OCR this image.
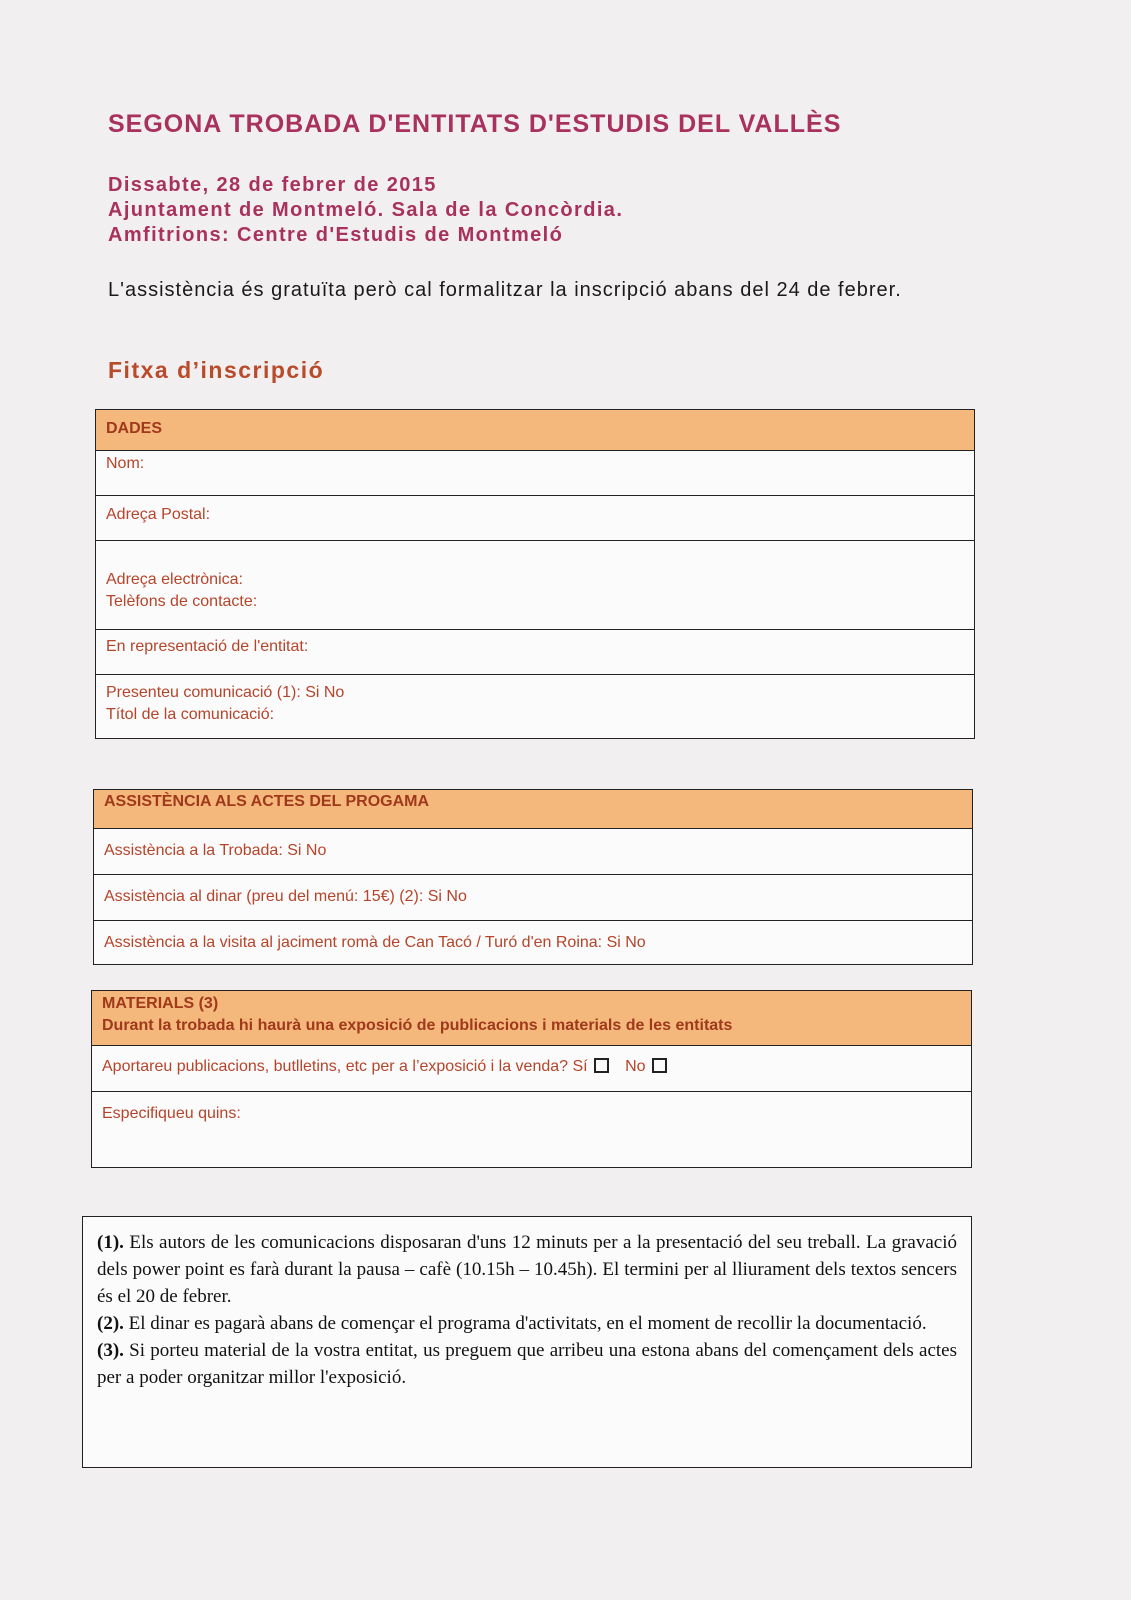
SEGONA TROBADA D'ENTITATS D'ESTUDIS DEL VALLÈS
Dissabte, 28 de febrer de 2015
Ajuntament de Montmeló. Sala de la Concòrdia.
Amfitrions: Centre d'Estudis de Montmeló
L'assistència és gratuïta però cal formalitzar la inscripció abans del 24 de febrer.
Fitxa d’inscripció
DADES
Nom:
Adreça Postal:
Adreça electrònica:
Telèfons de contacte:
En representació de l'entitat:
Presenteu comunicació (1): Si No
Títol de la comunicació:
ASSISTÈNCIA ALS ACTES DEL PROGAMA
Assistència a la Trobada: Si No
Assistència al dinar (preu del menú: 15€) (2): Si No
Assistència a la visita al jaciment romà de Can Tacó / Turó d'en Roina: Si No
MATERIALS (3)
Durant la trobada hi haurà una exposició de publicacions i materials de les entitats
Aportareu publicacions, butlletins, etc per a l’exposició i la venda? Sí No
Especifiqueu quins:

(1). Els autors de les comunicacions disposaran d'uns 12 minuts per a la presentació del seu treball. La gravació dels power point es farà durant la pausa – cafè (10.15h – 10.45h). El termini per al lliurament dels textos sencers és el 20 de febrer.

(2). El dinar es pagarà abans de començar el programa d'activitats, en el moment de recollir la documentació.

(3). Si porteu material de la vostra entitat, us preguem que arribeu una estona abans del començament dels actes per a poder organitzar millor l'exposició.
